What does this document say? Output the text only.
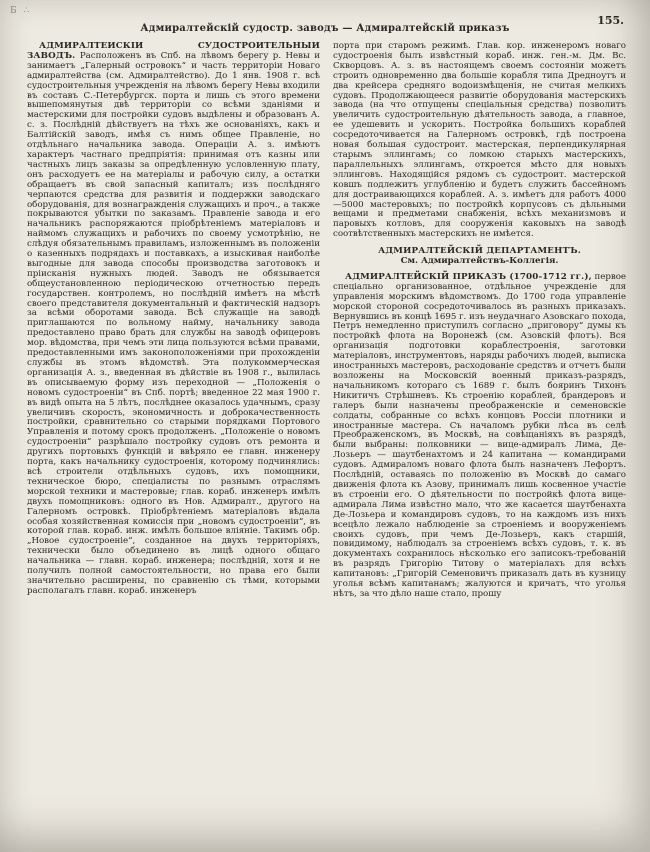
Б ∴
Адмиралтейскій судостр. заводъ — Адмиралтейскій приказъ
155.

АДМИРАЛТЕЙСКІЙ СУДОСТРОИТЕЛЬНЫЙ ЗАВОДЪ. Расположенъ въ Спб. на лѣвомъ берегу р. Невы и занимаетъ „Галерный островокъ“ и часть территоріи Новаго адмиралтейства (см. Адмиралтейство). До 1 янв. 1908 г. всѣ судостроительныя учрежденія на лѣвомъ берегу Невы входили въ составъ С.-Петербургск. порта и лишь съ этого времени вышепомянутыя двѣ территоріи со всѣми зданіями и мастерскими для постройки судовъ выдѣлены и образованъ А. с. з. Послѣдній дѣйствуетъ на тѣхъ же основаніяхъ, какъ и Балтійскій заводъ, имѣя съ нимъ общее Правленіе, но отдѣльнаго начальника завода. Операціи А. з. имѣютъ характеръ частнаго предпріятія: принимая отъ казны или частныхъ лицъ заказы за опредѣленную условленную плату, онъ расходуетъ ее на матеріалы и рабочую силу, а остатки обращаетъ въ свой запасный капиталъ; изъ послѣдняго черпаются средства для развитія и поддержки заводскаго оборудованія, для вознагражденія служащихъ и проч., а также покрываются убытки по заказамъ. Правленіе завода и его начальникъ распоряжаются пріобрѣтеніемъ матеріаловъ и наймомъ служащихъ и рабочихъ по своему усмотрѣнію, не слѣдуя обязательнымъ правиламъ, изложеннымъ въ положеніи о казенныхъ подрядахъ и поставкахъ, а изыскивая наиболѣе выгодные для завода способы производства заготовокъ и пріисканія нужныхъ людей. Заводъ не обязывается общеустановленною періодическою отчетностью передъ государствен. контролемъ, но послѣдній имѣетъ на мѣстѣ своего представителя документальный и фактическій надзоръ за всѣми оборотами завода. Всѣ служащіе на заводѣ приглашаются по вольному найму, начальнику завода предоставлено право брать для службы на заводѣ офицеровъ мор. вѣдомства, при чемъ эти лица пользуются всѣми правами, предоставленными имъ законоположеніями при прохожденіи службы въ этомъ вѣдомствѣ. Эта полукоммерческая организація А. з., введенная въ дѣйствіе въ 1908 г., вылилась въ описываемую форму изъ переходной — „Положенія о новомъ судостроеніи“ въ Спб. портѣ; введенное 22 мая 1900 г. въ видѣ опыта на 5 лѣтъ, послѣднее оказалось удачнымъ, сразу увеличивъ скорость, экономичность и доброкачественность постройки, сравнительно со старыми порядками Портового Управленія и потому срокъ продолженъ. „Положеніе о новомъ судостроеніи“ разрѣшало постройку судовъ отъ ремонта и другихъ портовыхъ функцій и ввѣряло ее главн. инженеру порта, какъ начальнику судостроенія, которому подчинялись: всѣ строители отдѣльныхъ судовъ, ихъ помощники, техническое бюро, спеціалисты по разнымъ отраслямъ морской техники и мастеровые; глав. кораб. инженеръ имѣлъ двухъ помощниковъ: одного въ Нов. Адмиралт., другого на Галерномъ островкѣ. Пріобрѣтеніемъ матеріаловъ вѣдала особая хозяйственная комиссія при „новомъ судостроеніи“, въ которой глав. кораб. инж. имѣлъ большое вліяніе. Такимъ обр. „Новое судостроеніе“, созданное на двухъ территоріяхъ, технически было объединено въ лицѣ одного общаго начальника — главн. кораб. инженера; послѣдній, хотя и не получилъ полной самостоятельности, но права его были значительно расширены, по сравненію съ тѣми, которыми располагалъ главн. кораб. инженеръ

порта при старомъ режимѣ. Глав. кор. инженеромъ новаго судостроенія былъ извѣстный кораб. инж. ген.-м. Дм. Вс. Скворцовъ. А. з. въ настоящемъ своемъ состояніи можетъ строить одновременно два большіе корабля типа Дредноутъ и два крейсера средняго водоизмѣщенія, не считая мелкихъ судовъ. Продолжающееся развитіе оборудованія мастерскихъ завода (на что отпущены спеціальныя средства) позволитъ увеличить судостроительную дѣятельность завода, а главное, ее удешевить и ускорить. Постройка большихъ кораблей сосредоточивается на Галерномъ островкѣ, гдѣ построена новая большая судостроит. мастерская, перпендикулярная старымъ эллингамъ; со ломкою старыхъ мастерскихъ, параллельныхъ эллингамъ, откроется мѣсто для новыхъ эллинговъ. Находящійся рядомъ съ судостроит. мастерской ковшъ подлежитъ углубленію и будетъ служить бассейномъ для достраивающихся кораблей. А. з. имѣетъ для работъ 4000—5000 мастеровыхъ; по постройкѣ корпусовъ съ дѣльными вещами и предметами снабженія, всѣхъ механизмовъ и паровыхъ котловъ, для сооруженія каковыхъ на заводѣ соотвѣтственныхъ мастерскихъ не имѣется.

АДМИРАЛТЕЙСКІЙ ДЕПАРТАМЕНТЪ.

См. Адмиралтействъ-Коллегія.

АДМИРАЛТЕЙСКІЙ ПРИКАЗЪ (1700-1712 гг.), первое спеціально организованное, отдѣльное учрежденіе для управленія морскимъ вѣдомствомъ. До 1700 года управленіе морской стороной сосредоточивалось въ разныхъ приказахъ. Вернувшись въ концѣ 1695 г. изъ неудачнаго Азовскаго похода, Петръ немедленно приступилъ согласно „приговору“ думы къ постройкѣ флота на Воронежѣ (см. Азовскій флотъ). Вся организація подготовки кораблестроенія, заготовки матеріаловъ, инструментовъ, наряды рабочихъ людей, выписка иностранныхъ мастеровъ, расходованіе средствъ и отчетъ были возложены на Московскій военный приказъ-разрядъ, начальникомъ котораго съ 1689 г. былъ бояринъ Тихонъ Никитичъ Стрѣшневъ. Къ строенію кораблей, брандеровъ и галеръ были назначены преображенскіе и семеновскіе солдаты, собранные со всѣхъ концовъ Россіи плотники и иностранные мастера. Съ началомъ рубки лѣса въ селѣ Преображенскомъ, въ Москвѣ, на совѣщаніяхъ въ разрядѣ, были выбраны: полковники — вице-адмиралъ Лима, Де-Лозьеръ — шаутбенахтомъ и 24 капитана — командирами судовъ. Адмираломъ новаго флота былъ назначенъ Лефортъ. Послѣдній, оставаясь по положенію въ Москвѣ до самаго движенія флота къ Азову, принималъ лишь косвенное участіе въ строеніи его. О дѣятельности по постройкѣ флота вице-адмирала Лима извѣстно мало, что же касается шаутбенахта Де-Лозьера и командировъ судовъ, то на каждомъ изъ нихъ всецѣло лежало наблюденіе за строеніемъ и вооруженіемъ своихъ судовъ, при чемъ Де-Лозьеръ, какъ старшій, повидимому, наблюдалъ за строеніемъ всѣхъ судовъ, т. к. въ документахъ сохранилось нѣсколько его записокъ-требованій въ разрядъ Григорію Титову о матеріалахъ для всѣхъ капитановъ: „Григорій Семеновичъ приказалъ дать въ кузницу уголья всѣмъ капитанамъ; жалуются и кричатъ, что уголья нѣтъ, за что дѣло наше стало, прошу
